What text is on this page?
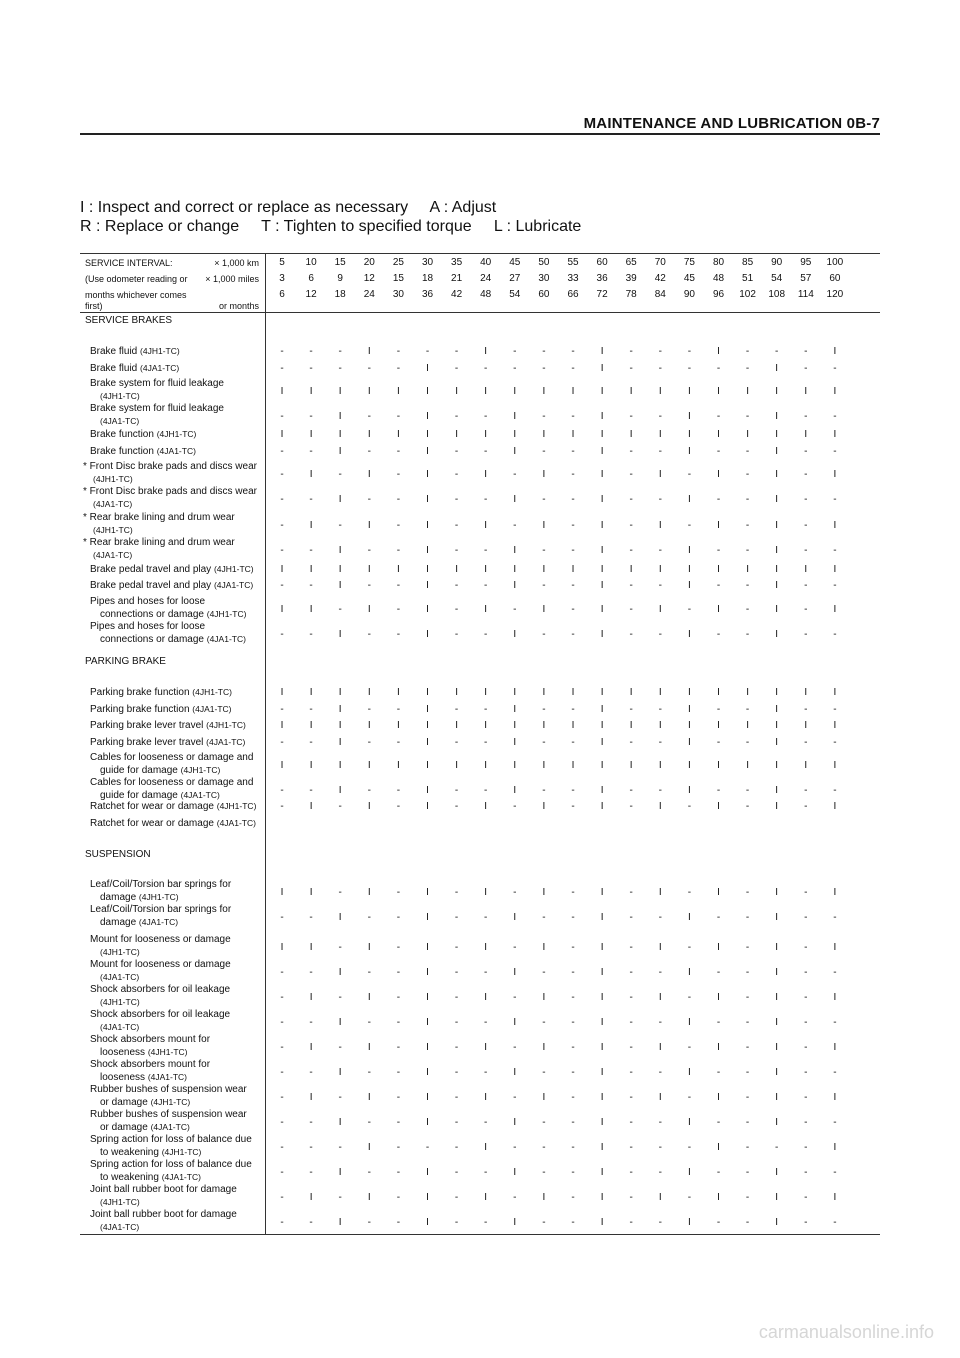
MAINTENANCE AND LUBRICATION 0B-7
I : Inspect and correct or replace as necessary     A : Adjust
R : Replace or change     T : Tighten to specified torque     L : Lubricate
SERVICE INTERVAL:	× 1,000 km
(Use odometer reading or × 1,000 miles
months whichever comes
first)	or months
5	10	15	20	25	30	35	40	45	50	55	60	65	70	75	80	85	90	95	100
3	6	9	12	15	18	21	24	27	30	33	36	39	42	45	48	51	54	57	60
6	12	18	24	30	36	42	48	54	60	66	72	78	84	90	96	102	108	114	120
SERVICE BRAKES
Brake fluid (4JH1-TC)	-	-	-	I	-	-	-	I	-	-	-	I	-	-	-	I	-	-	-	I
Brake fluid (4JA1-TC)	-	-	-	-	-	I	-	-	-	-	-	I	-	-	-	-	-	I	-	-
Brake system for fluid leakage
(4JH1-TC)	I	I	I	I	I	I	I	I	I	I	I	I	I	I	I	I	I	I	I	I
Brake system for fluid leakage
(4JA1-TC)	-	-	I	-	-	I	-	-	I	-	-	I	-	-	I	-	-	I	-	-
Brake function (4JH1-TC)	I	I	I	I	I	I	I	I	I	I	I	I	I	I	I	I	I	I	I	I
Brake function (4JA1-TC)	-	-	I	-	-	I	-	-	I	-	-	I	-	-	I	-	-	I	-	-
* Front Disc brake pads and discs wear
(4JH1-TC)	-	I	-	I	-	I	-	I	-	I	-	I	-	I	-	I	-	I	-	I
* Front Disc brake pads and discs wear
(4JA1-TC)	-	-	I	-	-	I	-	-	I	-	-	I	-	-	I	-	-	I	-	-
* Rear brake lining and drum wear
(4JH1-TC)	-	I	-	I	-	I	-	I	-	I	-	I	-	I	-	I	-	I	-	I
* Rear brake lining and drum wear
(4JA1-TC)	-	-	I	-	-	I	-	-	I	-	-	I	-	-	I	-	-	I	-	-
Brake pedal travel and play (4JH1-TC)	I	I	I	I	I	I	I	I	I	I	I	I	I	I	I	I	I	I	I	I
Brake pedal travel and play (4JA1-TC)	-	-	I	-	-	I	-	-	I	-	-	I	-	-	I	-	-	I	-	-
Pipes and hoses for loose
connections or damage (4JH1-TC)	I	I	-	I	-	I	-	I	-	I	-	I	-	I	-	I	-	I	-	I
Pipes and hoses for loose
connections or damage (4JA1-TC)	-	-	I	-	-	I	-	-	I	-	-	I	-	-	I	-	-	I	-	-
PARKING BRAKE
Parking brake function (4JH1-TC)	I	I	I	I	I	I	I	I	I	I	I	I	I	I	I	I	I	I	I	I
Parking brake function (4JA1-TC)	-	-	I	-	-	I	-	-	I	-	-	I	-	-	I	-	-	I	-	-
Parking brake lever travel (4JH1-TC)	I	I	I	I	I	I	I	I	I	I	I	I	I	I	I	I	I	I	I	I
Parking brake lever travel (4JA1-TC)	-	-	I	-	-	I	-	-	I	-	-	I	-	-	I	-	-	I	-	-
Cables for looseness or damage and
guide for damage (4JH1-TC)	I	I	I	I	I	I	I	I	I	I	I	I	I	I	I	I	I	I	I	I
Cables for looseness or damage and
guide for damage (4JA1-TC)	-	-	I	-	-	I	-	-	I	-	-	I	-	-	I	-	-	I	-	-
Ratchet for wear or damage (4JH1-TC)	-	I	-	I	-	I	-	I	-	I	-	I	-	I	-	I	-	I	-	I
Ratchet for wear or damage (4JA1-TC)
SUSPENSION
Leaf/Coil/Torsion bar springs for
damage (4JH1-TC)	I	I	-	I	-	I	-	I	-	I	-	I	-	I	-	I	-	I	-	I
Leaf/Coil/Torsion bar springs for
damage (4JA1-TC)	-	-	I	-	-	I	-	-	I	-	-	I	-	-	I	-	-	I	-	-
Mount for looseness or damage
(4JH1-TC)	I	I	-	I	-	I	-	I	-	I	-	I	-	I	-	I	-	I	-	I
Mount for looseness or damage
(4JA1-TC)	-	-	I	-	-	I	-	-	I	-	-	I	-	-	I	-	-	I	-	-
Shock absorbers for oil leakage
(4JH1-TC)	-	I	-	I	-	I	-	I	-	I	-	I	-	I	-	I	-	I	-	I
Shock absorbers for oil leakage
(4JA1-TC)	-	-	I	-	-	I	-	-	I	-	-	I	-	-	I	-	-	I	-	-
Shock absorbers mount for
looseness (4JH1-TC)	-	I	-	I	-	I	-	I	-	I	-	I	-	I	-	I	-	I	-	I
Shock absorbers mount for
looseness (4JA1-TC)	-	-	I	-	-	I	-	-	I	-	-	I	-	-	I	-	-	I	-	-
Rubber bushes of suspension wear
or damage (4JH1-TC)	-	I	-	I	-	I	-	I	-	I	-	I	-	I	-	I	-	I	-	I
Rubber bushes of suspension wear
or damage (4JA1-TC)	-	-	I	-	-	I	-	-	I	-	-	I	-	-	I	-	-	I	-	-
Spring action for loss of balance due
to weakening (4JH1-TC)	-	-	-	I	-	-	-	I	-	-	-	I	-	-	-	I	-	-	-	I
Spring action for loss of balance due
to weakening (4JA1-TC)	-	-	I	-	-	I	-	-	I	-	-	I	-	-	I	-	-	I	-	-
Joint ball rubber boot for damage
(4JH1-TC)	-	I	-	I	-	I	-	I	-	I	-	I	-	I	-	I	-	I	-	I
Joint ball rubber boot for damage
(4JA1-TC)	-	-	I	-	-	I	-	-	I	-	-	I	-	-	I	-	-	I	-	-
carmanualsonline.info
